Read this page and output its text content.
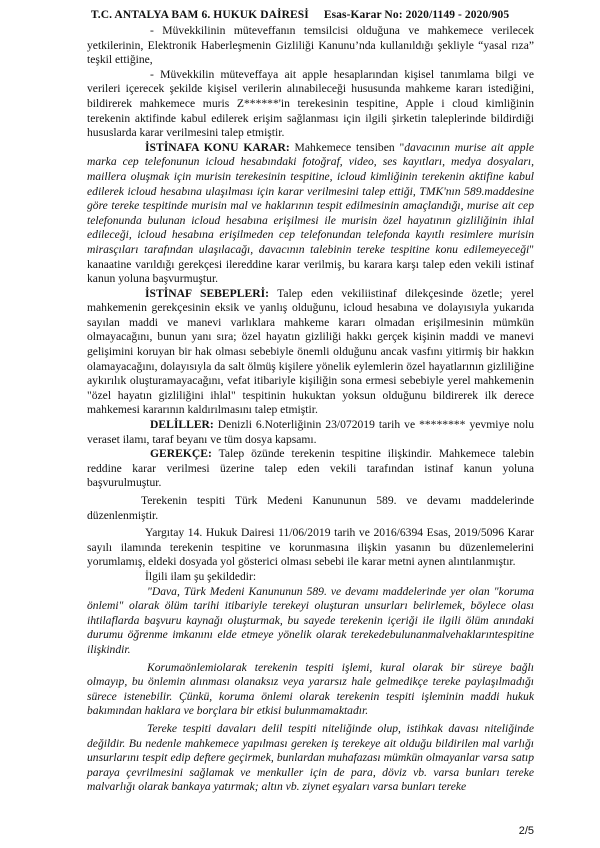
T.C. ANTALYA BAM 6. HUKUK DAİRESİ Esas-Karar No: 2020/1149 - 2020/905

- Müvekkilinin müteveffanın temsilcisi olduğuna ve mahkemece verilecek yetkilerinin, Elektronik Haberleşmenin Gizliliği Kanunu’nda kullanıldığı şekliyle “yasal rıza” teşkil ettiğine,

- Müvekkilin müteveffaya ait apple hesaplarından kişisel tanımlama bilgi ve verileri içerecek şekilde kişisel verilerin alınabileceği hususunda mahkeme kararı istediğini, bildirerek mahkemece muris Z******'in terekesinin tespitine, Apple i cloud kimliğinin terekenin aktifinde kabul edilerek erişim sağlanması için ilgili şirketin taleplerinde bildirdiği hususlarda karar verilmesini talep etmiştir.

İSTİNAFA KONU KARAR: Mahkemece tensiben "davacının murise ait apple marka cep telefonunun icloud hesabındaki fotoğraf, video, ses kayıtları, medya dosyaları, maillera oluşmak için murisin terekesinin tespitine, icloud kimliğinin terekenin aktifine kabul edilerek icloud hesabına ulaşılması için karar verilmesini talep ettiği, TMK'nın 589.maddesine göre tereke tespitinde murisin mal ve haklarının tespit edilmesinin amaçlandığı, murise ait cep telefonunda bulunan icloud hesabına erişilmesi ile murisin özel hayatının gizliliğinin ihlal edileceği, icloud hesabına erişilmeden cep telefonundan telefonda kayıtlı resimlere murisin mirasçıları tarafından ulaşılacağı, davacının talebinin tereke tespitine konu edilemeyeceği" kanaatine varıldığı gerekçesi ilereddine karar verilmiş, bu karara karşı talep eden vekili istinaf kanun yoluna başvurmuştur.

İSTİNAF SEBEPLERİ: Talep eden vekiliistinaf dilekçesinde özetle; yerel mahkemenin gerekçesinin eksik ve yanlış olduğunu, icloud hesabına ve dolayısıyla yukarıda sayılan maddi ve manevi varlıklara mahkeme kararı olmadan erişilmesinin mümkün olmayacağını, bunun yanı sıra; özel hayatın gizliliği hakkı gerçek kişinin maddi ve manevi gelişimini koruyan bir hak olması sebebiyle önemli olduğunu ancak vasfını yitirmiş bir hakkın olamayacağını, dolayısıyla da salt ölmüş kişilere yönelik eylemlerin özel hayatlarının gizliliğine aykırılık oluşturamayacağını, vefat itibariyle kişiliğin sona ermesi sebebiyle yerel mahkemenin "özel hayatın gizliliğini ihlal" tespitinin hukuktan yoksun olduğunu bildirerek ilk derece mahkemesi kararının kaldırılmasını talep etmiştir.

DELİLLER: Denizli 6.Noterliğinin 23/072019 tarih ve ******** yevmiye nolu veraset ilamı, taraf beyanı ve tüm dosya kapsamı.

GEREKÇE: Talep özünde terekenin tespitine ilişkindir. Mahkemece talebin reddine karar verilmesi üzerine talep eden vekili tarafından istinaf kanun yoluna başvurulmuştur.

Terekenin tespiti Türk Medeni Kanununun 589. ve devamı maddelerinde düzenlenmiştir.

Yargıtay 14. Hukuk Dairesi 11/06/2019 tarih ve 2016/6394 Esas, 2019/5096 Karar sayılı ilamında terekenin tespitine ve korunmasına ilişkin yasanın bu düzenlemelerini yorumlamış, eldeki dosyada yol gösterici olması sebebi ile karar metni aynen alıntılanmıştır.

İlgili ilam şu şekildedir:

"Dava, Türk Medeni Kanununun 589. ve devamı maddelerinde yer olan "koruma önlemi" olarak ölüm tarihi itibariyle terekeyi oluşturan unsurları belirlemek, böylece olası ihtilaflarda başvuru kaynağı oluşturmak, bu sayede terekenin içeriği ile ilgili ölüm anındaki durumu öğrenme imkanını elde etmeye yönelik olarak terekedebulunanmalvehaklarıntespitine ilişkindir.

Korumaönlemiolarak terekenin tespiti işlemi, kural olarak bir süreye bağlı olmayıp, bu önlemin alınması olanaksız veya yararsız hale gelmedikçe tereke paylaşılmadığı sürece istenebilir. Çünkü, koruma önlemi olarak terekenin tespiti işleminin maddi hukuk bakımından haklara ve borçlara bir etkisi bulunmamaktadır.

Tereke tespiti davaları delil tespiti niteliğinde olup, istihkak davası niteliğinde değildir. Bu nedenle mahkemece yapılması gereken iş terekeye ait olduğu bildirilen mal varlığı unsurlarını tespit edip deftere geçirmek, bunlardan muhafazası mümkün olmayanlar varsa satıp paraya çevrilmesini sağlamak ve menkuller için de para, döviz vb. varsa bunları tereke malvarlığı olarak bankaya yatırmak; altın vb. ziynet eşyaları varsa bunları tereke

2/5
